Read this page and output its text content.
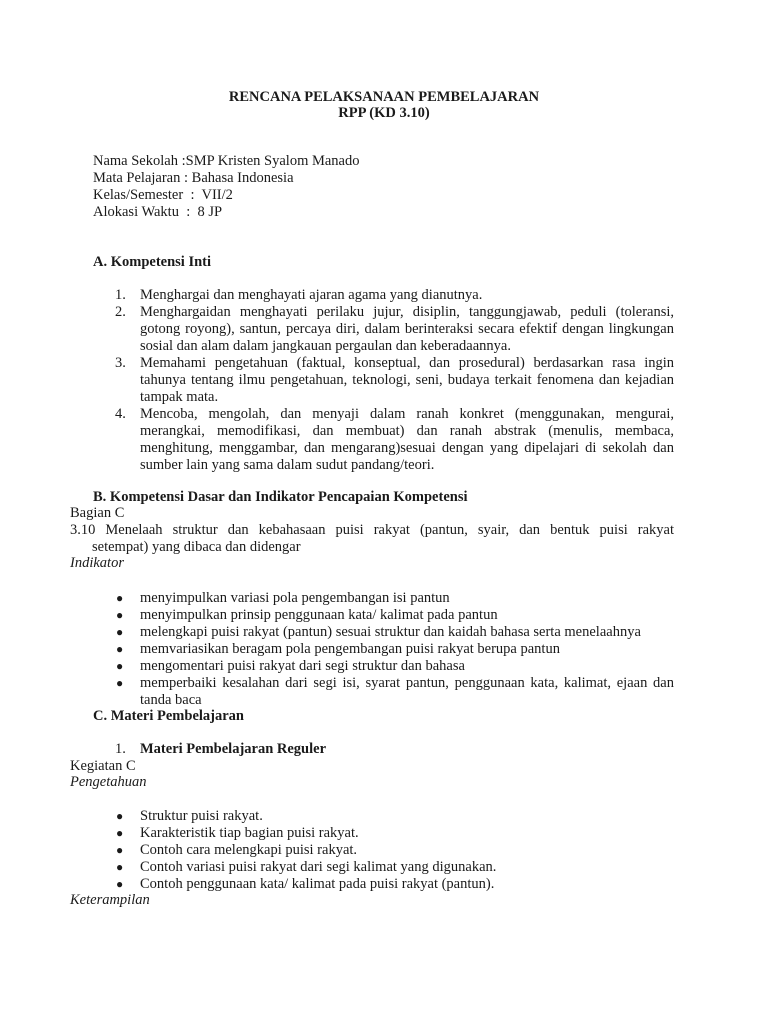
RENCANA PELAKSANAAN PEMBELAJARAN
RPP (KD 3.10)
Nama Sekolah :SMP Kristen Syalom Manado
Mata Pelajaran : Bahasa Indonesia
Kelas/Semester  :  VII/2
Alokasi Waktu  :  8 JP
A. Kompetensi Inti
1. Menghargai dan menghayati ajaran agama yang dianutnya.
2. Menghargaidan menghayati perilaku jujur, disiplin, tanggungjawab, peduli (toleransi, gotong royong), santun, percaya diri, dalam berinteraksi secara efektif dengan lingkungan sosial dan alam dalam jangkauan pergaulan dan keberadaannya.
3. Memahami pengetahuan (faktual, konseptual, dan prosedural) berdasarkan rasa ingin tahunya tentang ilmu pengetahuan, teknologi, seni, budaya terkait fenomena dan kejadian tampak mata.
4. Mencoba, mengolah, dan menyaji dalam ranah konkret (menggunakan, mengurai, merangkai, memodifikasi, dan membuat) dan ranah abstrak (menulis, membaca, menghitung, menggambar, dan mengarang)sesuai dengan yang dipelajari di sekolah dan sumber lain yang sama dalam sudut pandang/teori.
B. Kompetensi Dasar dan Indikator Pencapaian Kompetensi
Bagian C
3.10 Menelaah struktur dan kebahasaan puisi rakyat (pantun, syair, dan bentuk puisi rakyat
setempat) yang dibaca dan didengar
Indikator
● menyimpulkan variasi pola pengembangan isi pantun
● menyimpulkan prinsip penggunaan kata/ kalimat pada pantun
● melengkapi puisi rakyat (pantun) sesuai struktur dan kaidah bahasa serta menelaahnya
● memvariasikan beragam pola pengembangan puisi rakyat berupa pantun
● mengomentari puisi rakyat dari segi struktur dan bahasa
● memperbaiki kesalahan dari segi isi, syarat pantun, penggunaan kata, kalimat, ejaan dan tanda baca
C. Materi Pembelajaran
1. Materi Pembelajaran Reguler
Kegiatan C
Pengetahuan
● Struktur puisi rakyat.
● Karakteristik tiap bagian puisi rakyat.
● Contoh cara melengkapi puisi rakyat.
● Contoh variasi puisi rakyat dari segi kalimat yang digunakan.
● Contoh penggunaan kata/ kalimat pada puisi rakyat (pantun).
Keterampilan
